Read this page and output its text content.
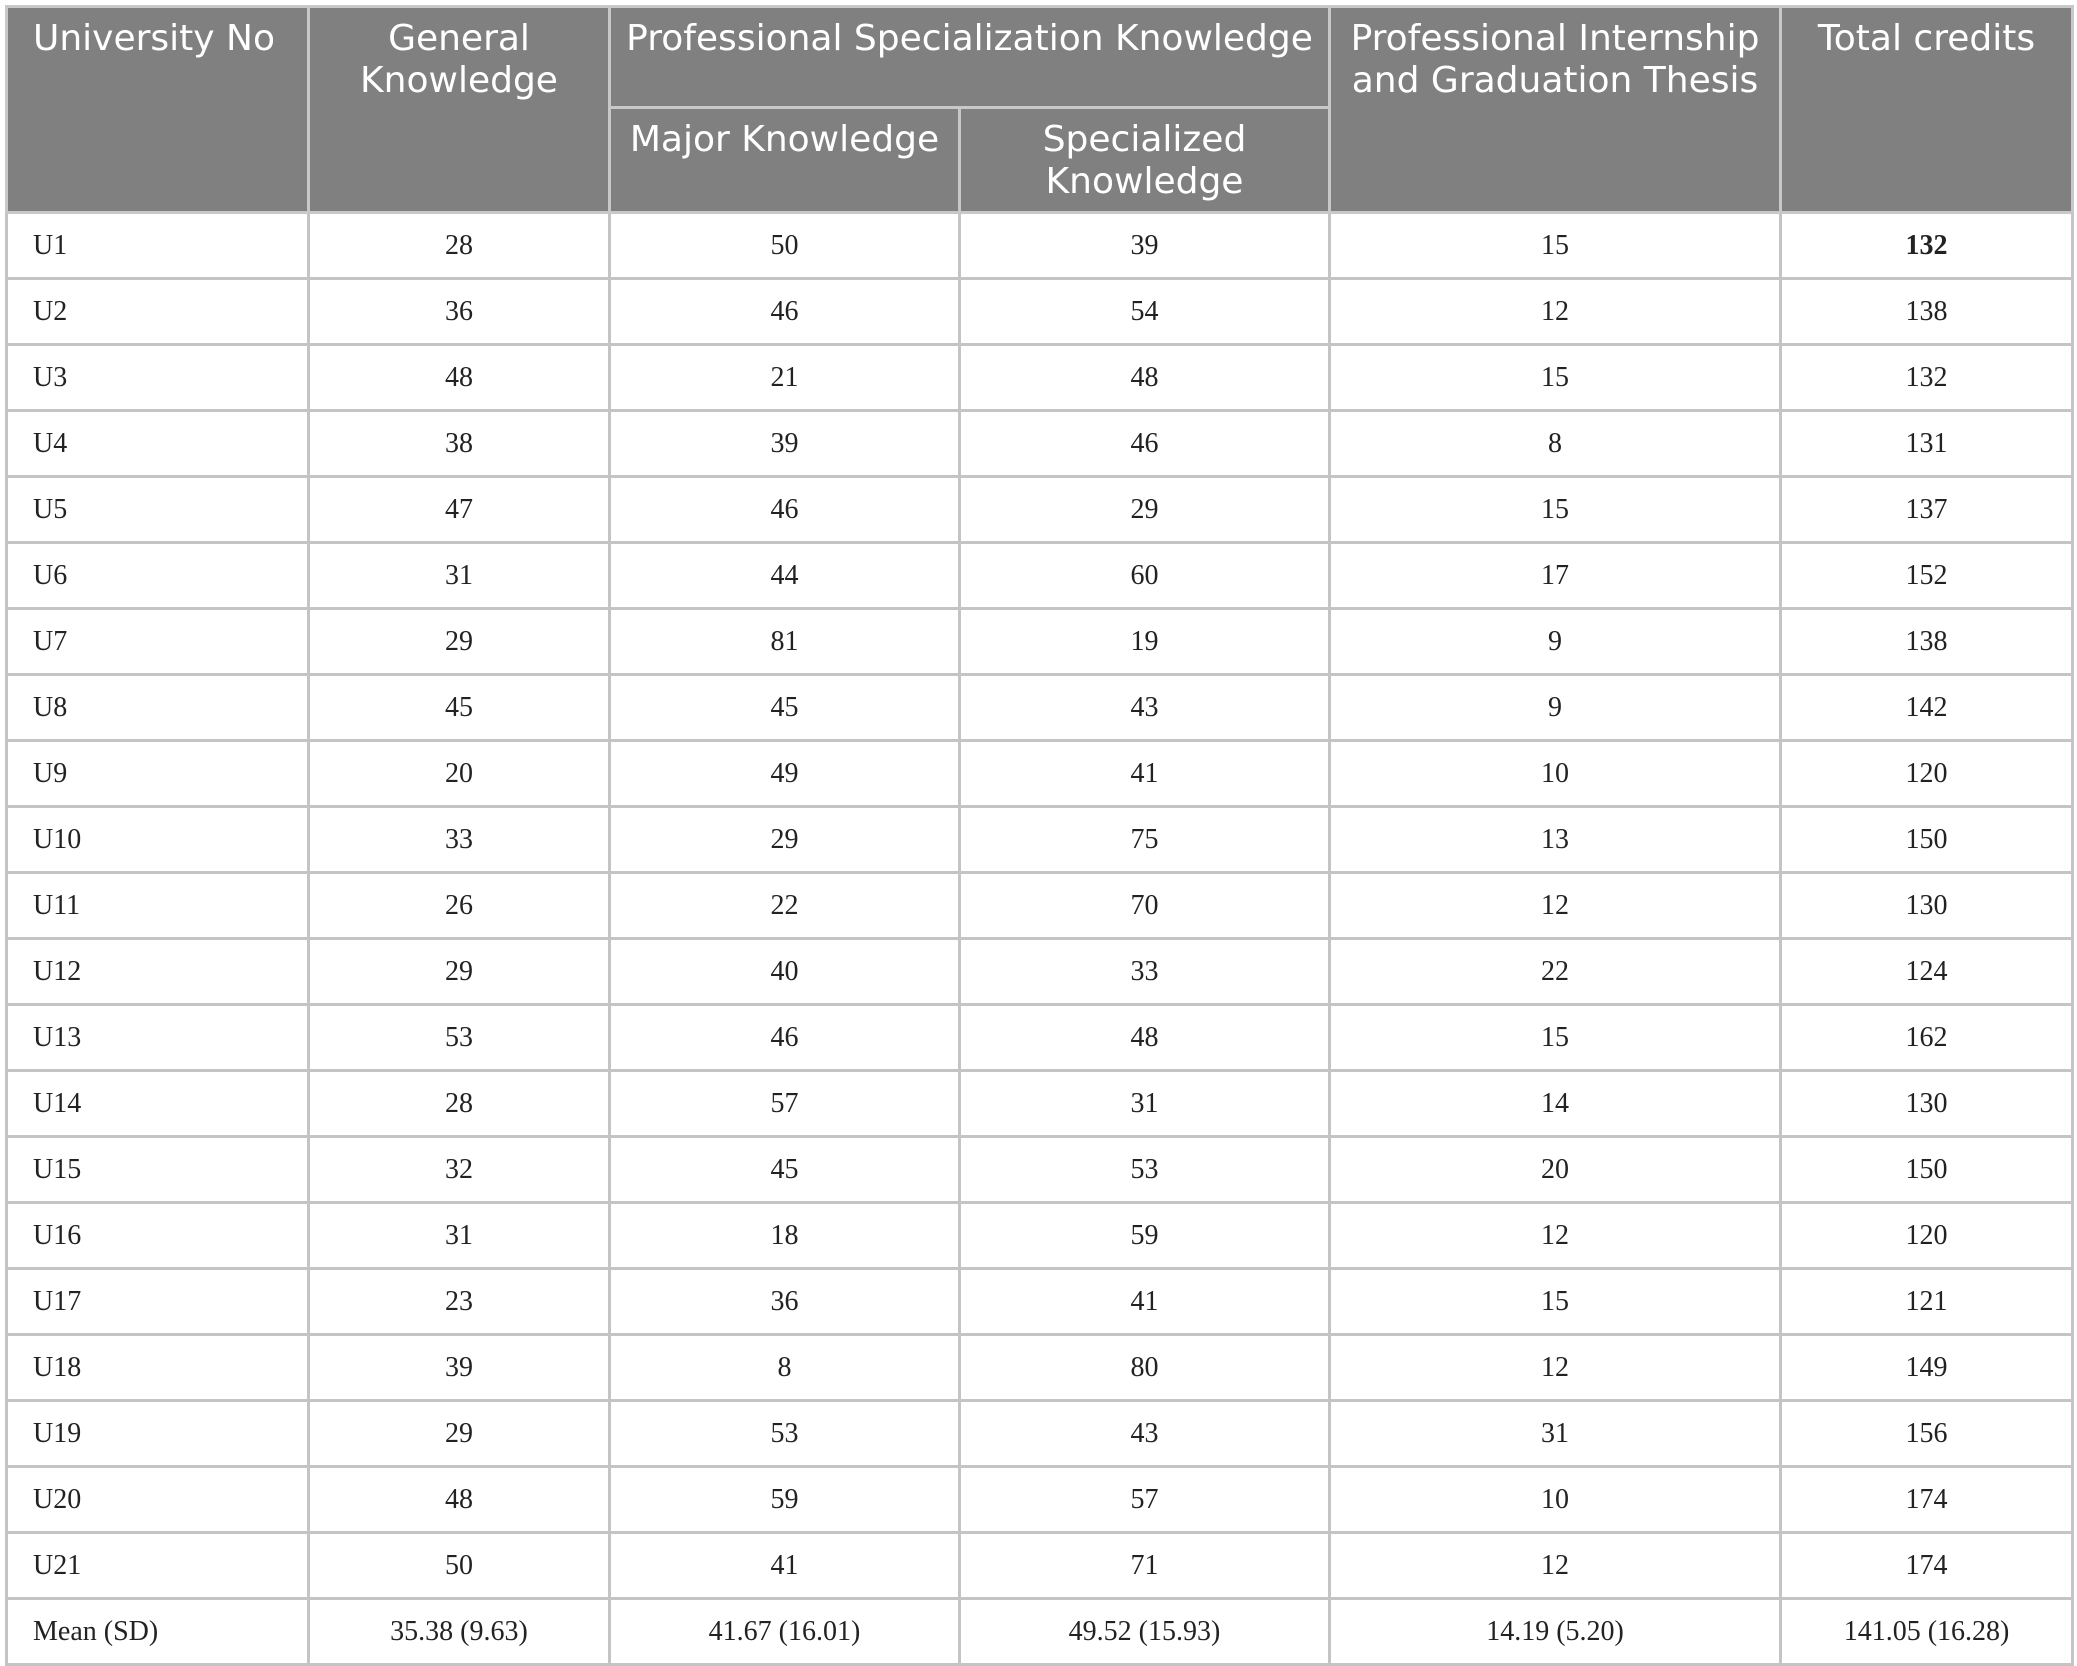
University No	General Knowledge	Professional Specialization Knowledge		Professional Internship and Graduation Thesis	Total credits
		Major Knowledge	Specialized Knowledge		
U1	28	50	39	15	132
U2	36	46	54	12	138
U3	48	21	48	15	132
U4	38	39	46	8	131
U5	47	46	29	15	137
U6	31	44	60	17	152
U7	29	81	19	9	138
U8	45	45	43	9	142
U9	20	49	41	10	120
U10	33	29	75	13	150
U11	26	22	70	12	130
U12	29	40	33	22	124
U13	53	46	48	15	162
U14	28	57	31	14	130
U15	32	45	53	20	150
U16	31	18	59	12	120
U17	23	36	41	15	121
U18	39	8	80	12	149
U19	29	53	43	31	156
U20	48	59	57	10	174
U21	50	41	71	12	174
Mean (SD)	35.38 (9.63)	41.67 (16.01)	49.52 (15.93)	14.19 (5.20)	141.05 (16.28)
